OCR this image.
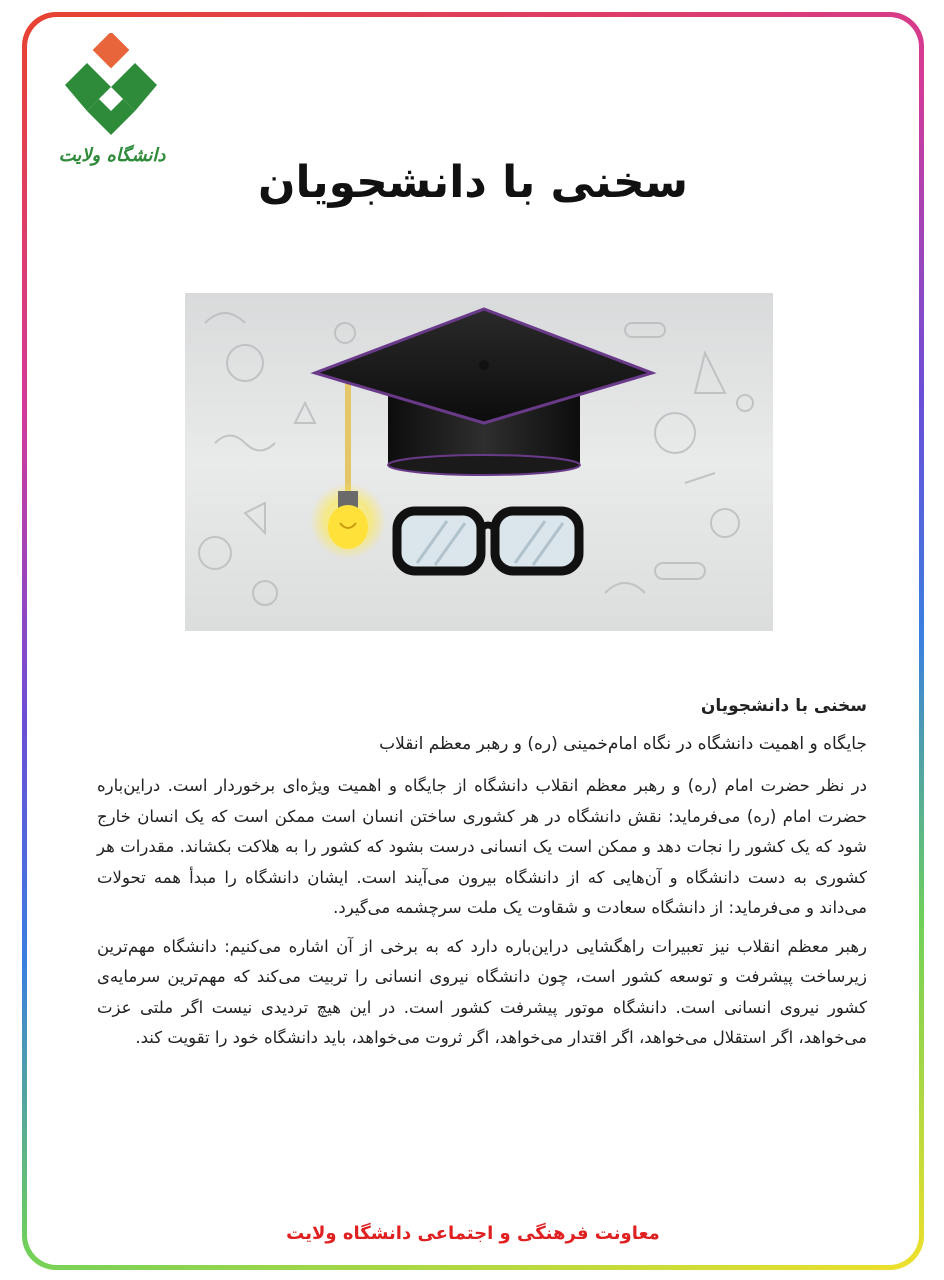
دانشگاه ولایت
سخنی با دانشجویان
سخنی با دانشجویان
جایگاه و اهمیت دانشگاه در نگاه امام‌خمینی (ره) و رهبر معظم انقلاب

در نظر حضرت امام (ره) و رهبر معظم انقلاب دانشگاه از جایگاه و اهمیت ویژه‌ای برخوردار است. دراین‌باره حضرت امام (ره) می‌فرماید: نقش دانشگاه در هر کشوری ساختن انسان است ممکن است که یک انسان خارج شود که یک کشور را نجات دهد و ممکن است یک انسانی درست بشود که کشور را به هلاکت بکشاند. مقدرات هر کشوری به دست دانشگاه و آن‌هایی که از دانشگاه بیرون می‌آیند است. ایشان دانشگاه را مبدأ همه تحولات می‌داند و می‌فرماید: از دانشگاه سعادت و شقاوت یک ملت سرچشمه می‌گیرد.

رهبر معظم انقلاب نیز تعبیرات راهگشایی دراین‌باره دارد که به برخی از آن اشاره می‌کنیم: دانشگاه مهم‌ترین زیرساخت پیشرفت و توسعه کشور است، چون دانشگاه نیروی انسانی را تربیت می‌کند که مهم‌ترین سرمایه‌ی کشور نیروی انسانی است. دانشگاه موتور پیشرفت کشور است. در این هیچ تردیدی نیست اگر ملتی عزت می‌خواهد، اگر استقلال می‌خواهد، اگر اقتدار می‌خواهد، اگر ثروت می‌خواهد، باید دانشگاه خود را تقویت کند.

معاونت فرهنگی و اجتماعی دانشگاه ولایت
